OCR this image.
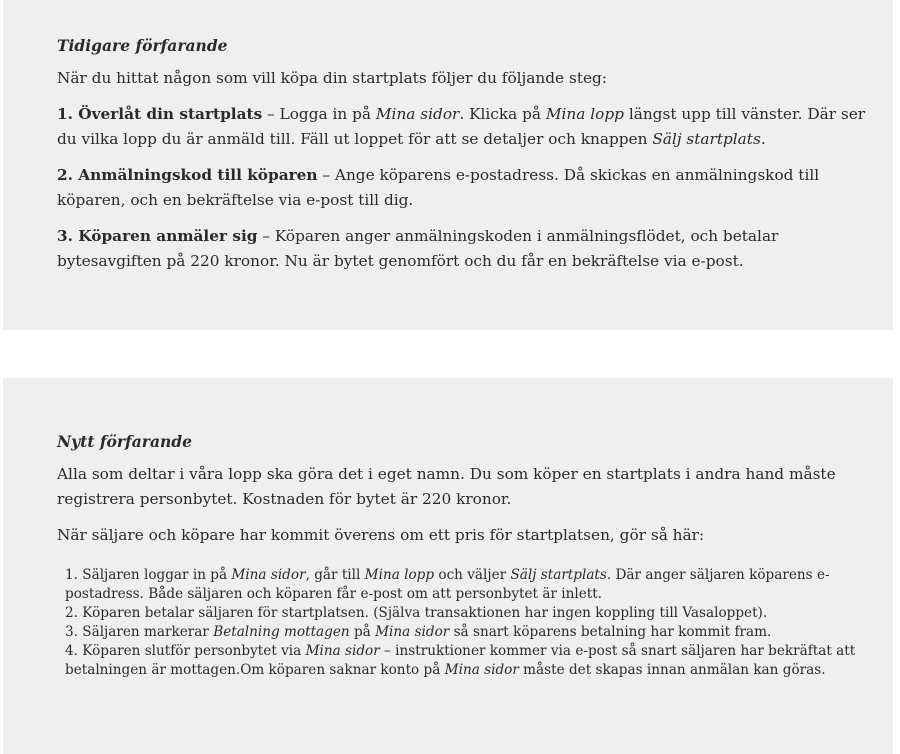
Tidigare förfarande

När du hittat någon som vill köpa din startplats följer du följande steg:

1. Överlåt din startplats – Logga in på Mina sidor. Klicka på Mina lopp längst upp till vänster. Där ser du vilka lopp du är anmäld till. Fäll ut loppet för att se detaljer och knappen Sälj startplats.

2. Anmälningskod till köparen – Ange köparens e-postadress. Då skickas en anmälningskod till köparen, och en bekräftelse via e-post till dig.

3. Köparen anmäler sig – Köparen anger anmälningskoden i anmälningsflödet, och betalar bytesavgiften på 220 kronor. Nu är bytet genomfört och du får en bekräftelse via e-post.

Nytt förfarande

Alla som deltar i våra lopp ska göra det i eget namn. Du som köper en startplats i andra hand måste registrera personbytet. Kostnaden för bytet är 220 kronor.

När säljare och köpare har kommit överens om ett pris för startplatsen, gör så här:

1. Säljaren loggar in på Mina sidor, går till Mina lopp och väljer Sälj startplats. Där anger säljaren köparens e-postadress. Både säljaren och köparen får e-post om att personbytet är inlett.
2. Köparen betalar säljaren för startplatsen. (Själva transaktionen har ingen koppling till Vasaloppet).
3. Säljaren markerar Betalning mottagen på Mina sidor så snart köparens betalning har kommit fram.
4. Köparen slutför personbytet via Mina sidor – instruktioner kommer via e-post så snart säljaren har bekräftat att betalningen är mottagen.Om köparen saknar konto på Mina sidor måste det skapas innan anmälan kan göras.
